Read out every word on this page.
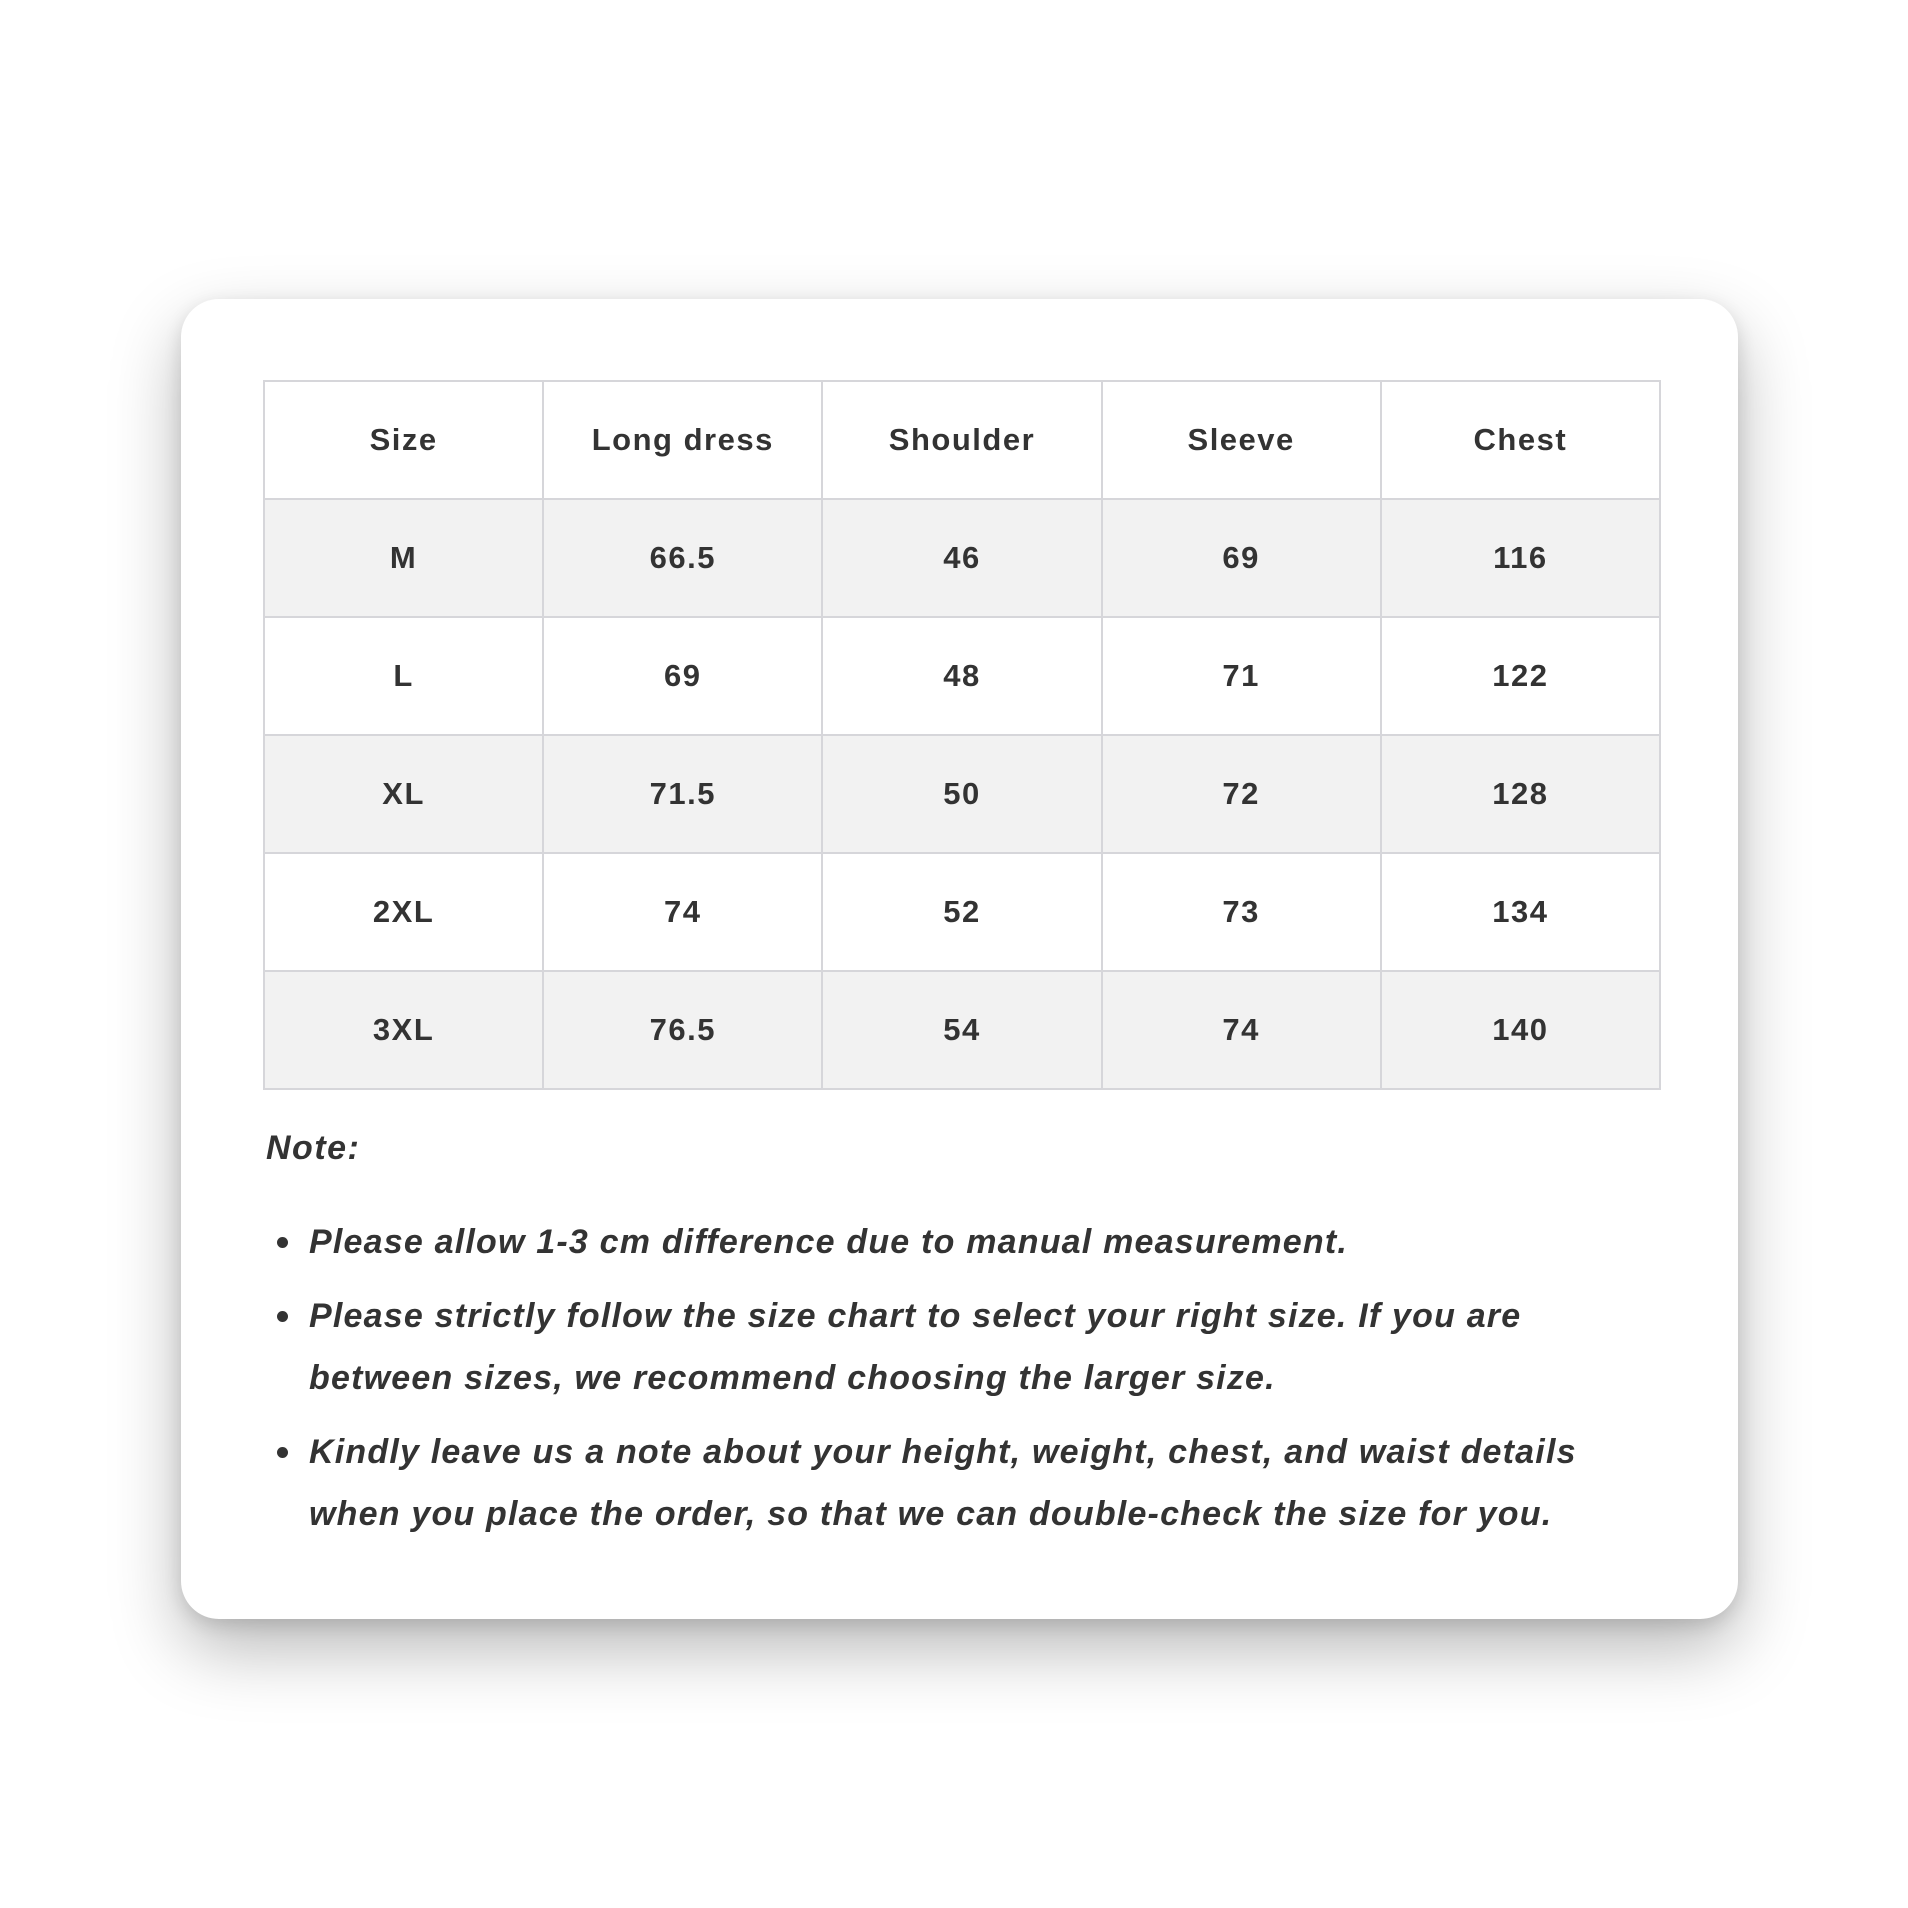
Size	Long dress	Shoulder	Sleeve	Chest
M	66.5	46	69	116
L	69	48	71	122
XL	71.5	50	72	128
2XL	74	52	73	134
3XL	76.5	54	74	140

Note:

Please allow 1-3 cm difference due to manual measurement.
Please strictly follow the size chart to select your right size. If you are between sizes, we recommend choosing the larger size.
Kindly leave us a note about your height, weight, chest, and waist details when you place the order, so that we can double-check the size for you.
